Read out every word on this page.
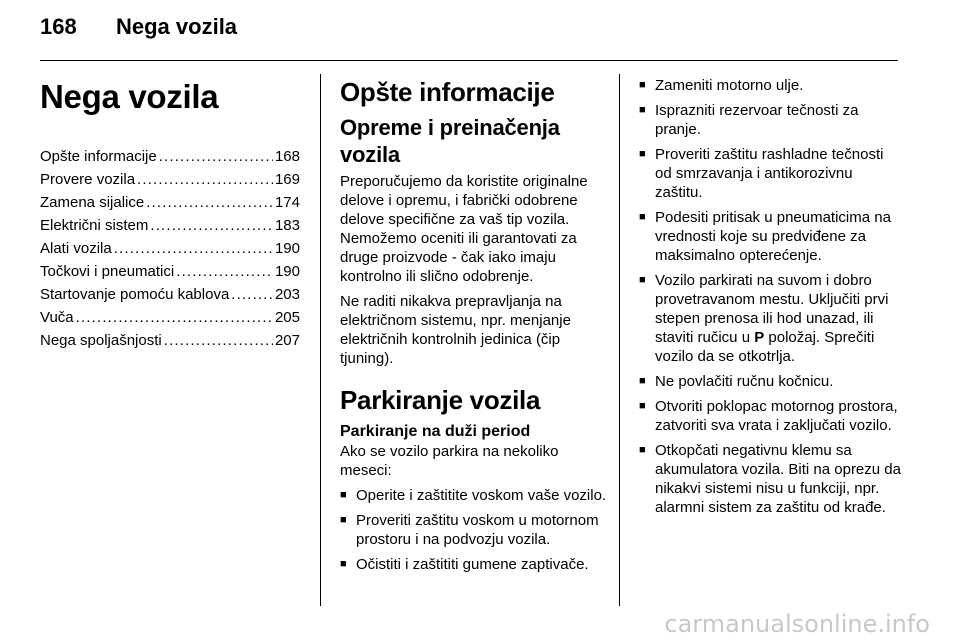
168 Nega vozila
Nega vozila
Opšte informacije . . .	168
Provere vozila . . .	169
Zamena sijalice . . .	174
Električni sistem . . .	183
Alati vozila . . .	190
Točkovi i pneumatici . . .	190
Startovanje pomoću kablova . . .	203
Vuča . . .	205
Nega spoljašnjosti . . .	207
Opšte informacije
Opreme i preinačenja vozila

Preporučujemo da koristite originalne delove i opremu, i fabrički odobrene delove specifične za vaš tip vozila. Nemožemo oceniti ili garantovati za druge proizvode - čak iako imaju kontrolno ili slično odobrenje.

Ne raditi nikakva prepravljanja na električnom sistemu, npr. menjanje električnih kontrolnih jedinica (čip tjuning).

Parkiranje vozila
Parkiranje na duži period

Ako se vozilo parkira na nekoliko meseci:

■ Operite i zaštitite voskom vaše vozilo.
■ Proveriti zaštitu voskom u motornom prostoru i na podvozju vozila.
■ Očistiti i zaštititi gumene zaptivače.
■ Zameniti motorno ulje.
■ Isprazniti rezervoar tečnosti za pranje.
■ Proveriti zaštitu rashladne tečnosti od smrzavanja i antikorozivnu zaštitu.
■ Podesiti pritisak u pneumaticima na vrednosti koje su predviđene za maksimalno opterećenje.
■ Vozilo parkirati na suvom i dobro provetravanom mestu. Uključiti prvi stepen prenosa ili hod unazad, ili staviti ručicu u P položaj. Sprečiti vozilo da se otkotrlja.
■ Ne povlačiti ručnu kočnicu.
■ Otvoriti poklopac motornog prostora, zatvoriti sva vrata i zaključati vozilo.
■ Otkopčati negativnu klemu sa akumulatora vozila. Biti na oprezu da nikakvi sistemi nisu u funkciji, npr. alarmni sistem za zaštitu od krađe.
carmanualsonline.info
